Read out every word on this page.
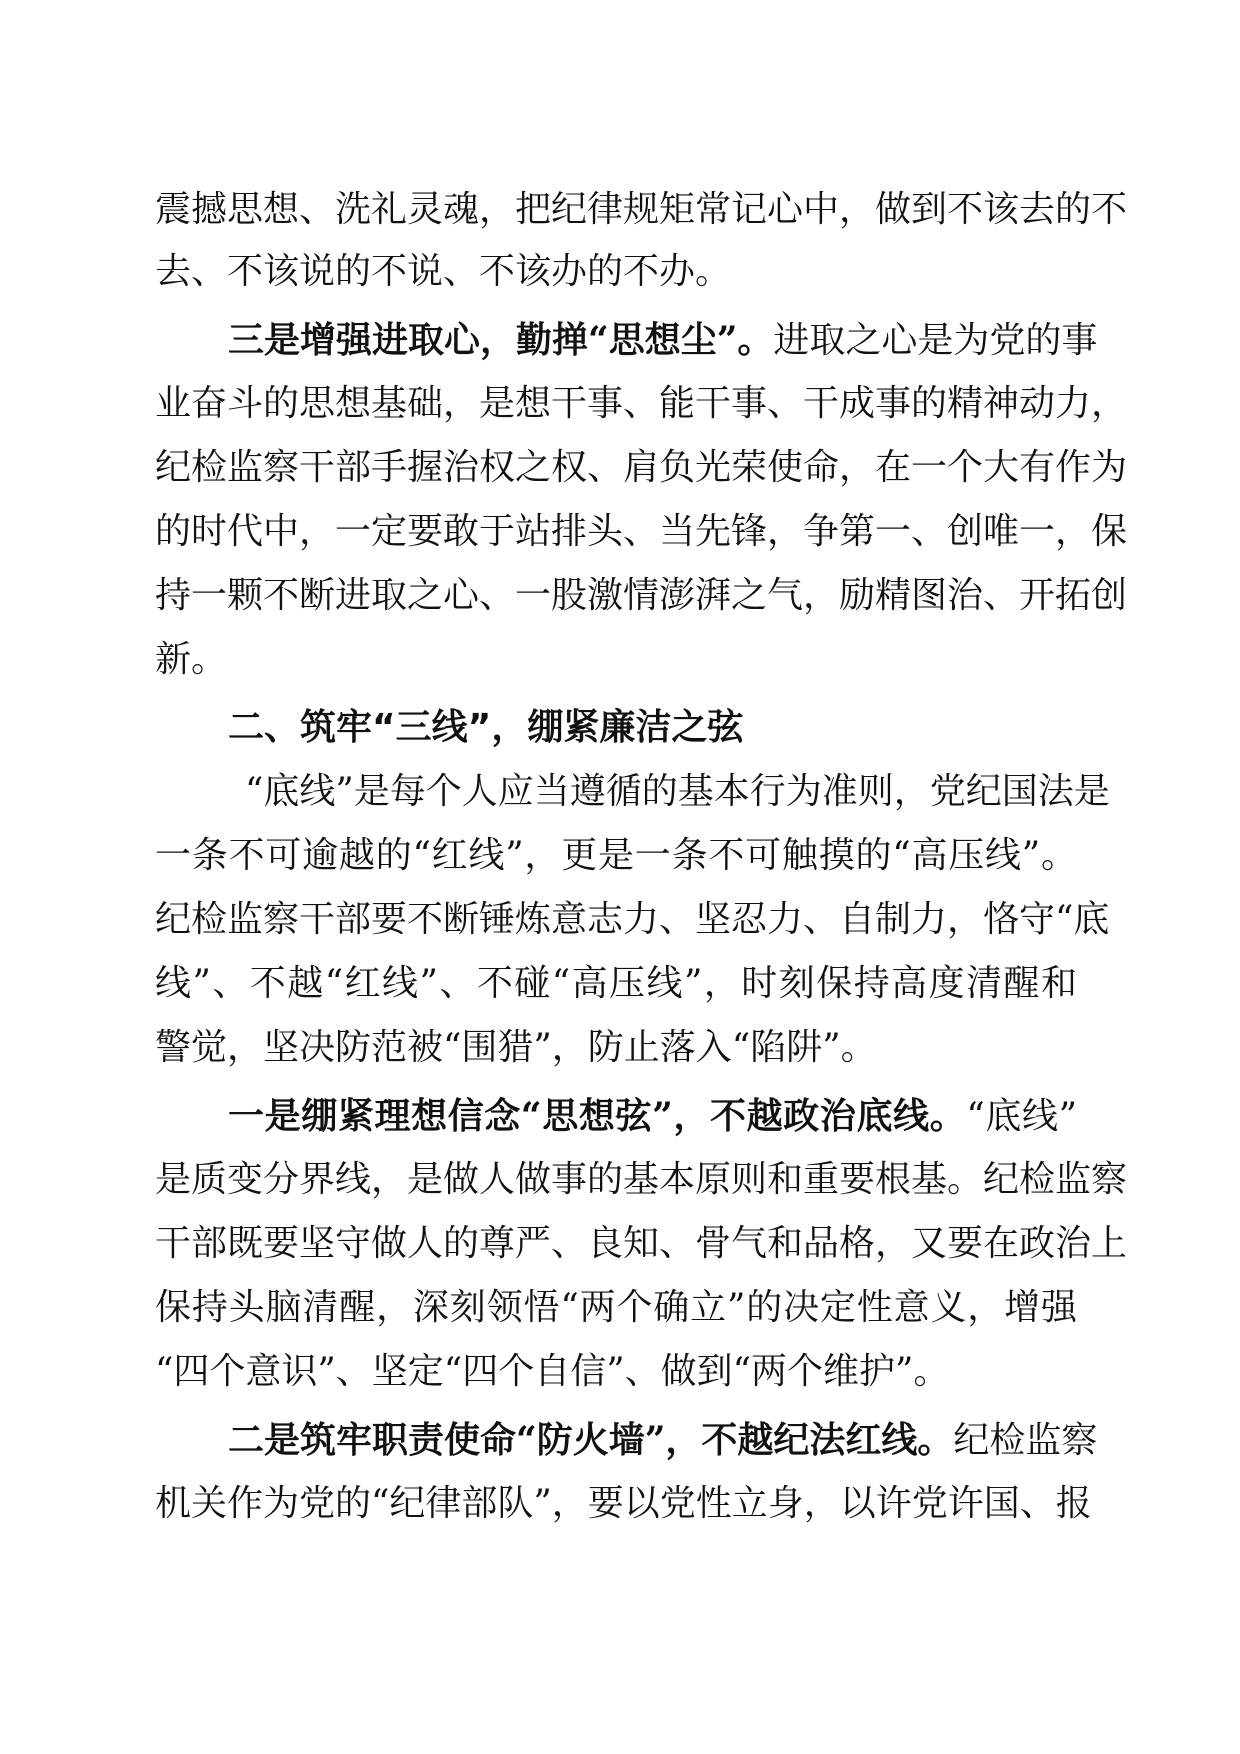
震撼思想、洗礼灵魂，把纪律规矩常记心中，做到不该去的不
去、不该说的不说、不该办的不办。
三是增强进取心，勤掸“思想尘”。进取之心是为党的事
业奋斗的思想基础，是想干事、能干事、干成事的精神动力，
纪检监察干部手握治权之权、肩负光荣使命，在一个大有作为
的时代中，一定要敢于站排头、当先锋，争第一、创唯一，保
持一颗不断进取之心、一股激情澎湃之气，励精图治、开拓创
新。
二、筑牢“三线”，绷紧廉洁之弦
“底线”是每个人应当遵循的基本行为准则，党纪国法是
一条不可逾越的“红线”，更是一条不可触摸的“高压线”。
纪检监察干部要不断锤炼意志力、坚忍力、自制力，恪守“底
线”、不越“红线”、不碰“高压线”，时刻保持高度清醒和
警觉，坚决防范被“围猎”，防止落入“陷阱”。
一是绷紧理想信念“思想弦”，不越政治底线。“底线”
是质变分界线，是做人做事的基本原则和重要根基。纪检监察
干部既要坚守做人的尊严、良知、骨气和品格，又要在政治上
保持头脑清醒，深刻领悟“两个确立”的决定性意义，增强
“四个意识”、坚定“四个自信”、做到“两个维护”。
二是筑牢职责使命“防火墙”，不越纪法红线。纪检监察
机关作为党的“纪律部队”，要以党性立身，以许党许国、报
